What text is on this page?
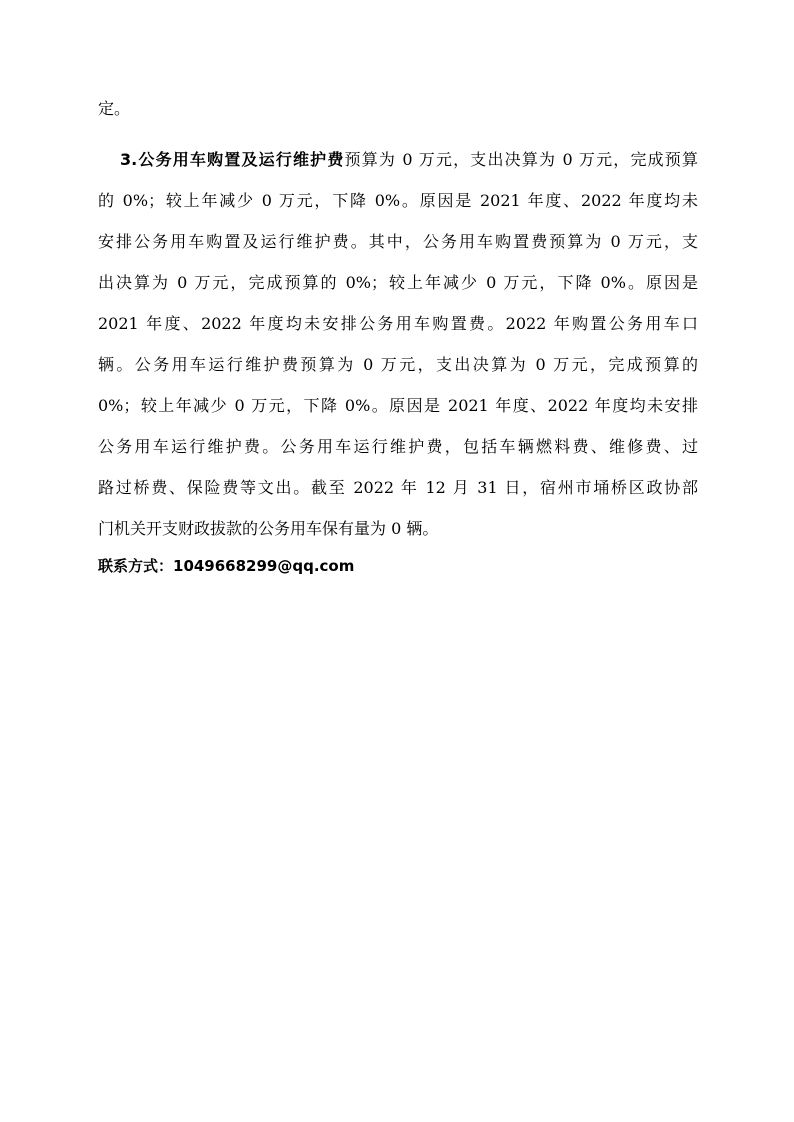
定。
3.公务用车购置及运行维护费预算为 0 万元，支出决算为 0 万元，完成预算
的 0%；较上年减少 0 万元，下降 0%。原因是 2021 年度、2022 年度均未
安排公务用车购置及运行维护费。其中，公务用车购置费预算为 0 万元，支
出决算为 0 万元，完成预算的 0%；较上年减少 0 万元，下降 0%。原因是
2021 年度、2022 年度均未安排公务用车购置费。2022 年购置公务用车口
辆。公务用车运行维护费预算为 0 万元，支出决算为 0 万元，完成预算的
0%；较上年减少 0 万元，下降 0%。原因是 2021 年度、2022 年度均未安排
公务用车运行维护费。公务用车运行维护费，包括车辆燃料费、维修费、过
路过桥费、保险费等文出。截至 2022 年 12 月 31 日，宿州市埇桥区政协部
门机关开支财政拔款的公务用车保有量为 0 辆。
联系方式：1049668299@qq.com
